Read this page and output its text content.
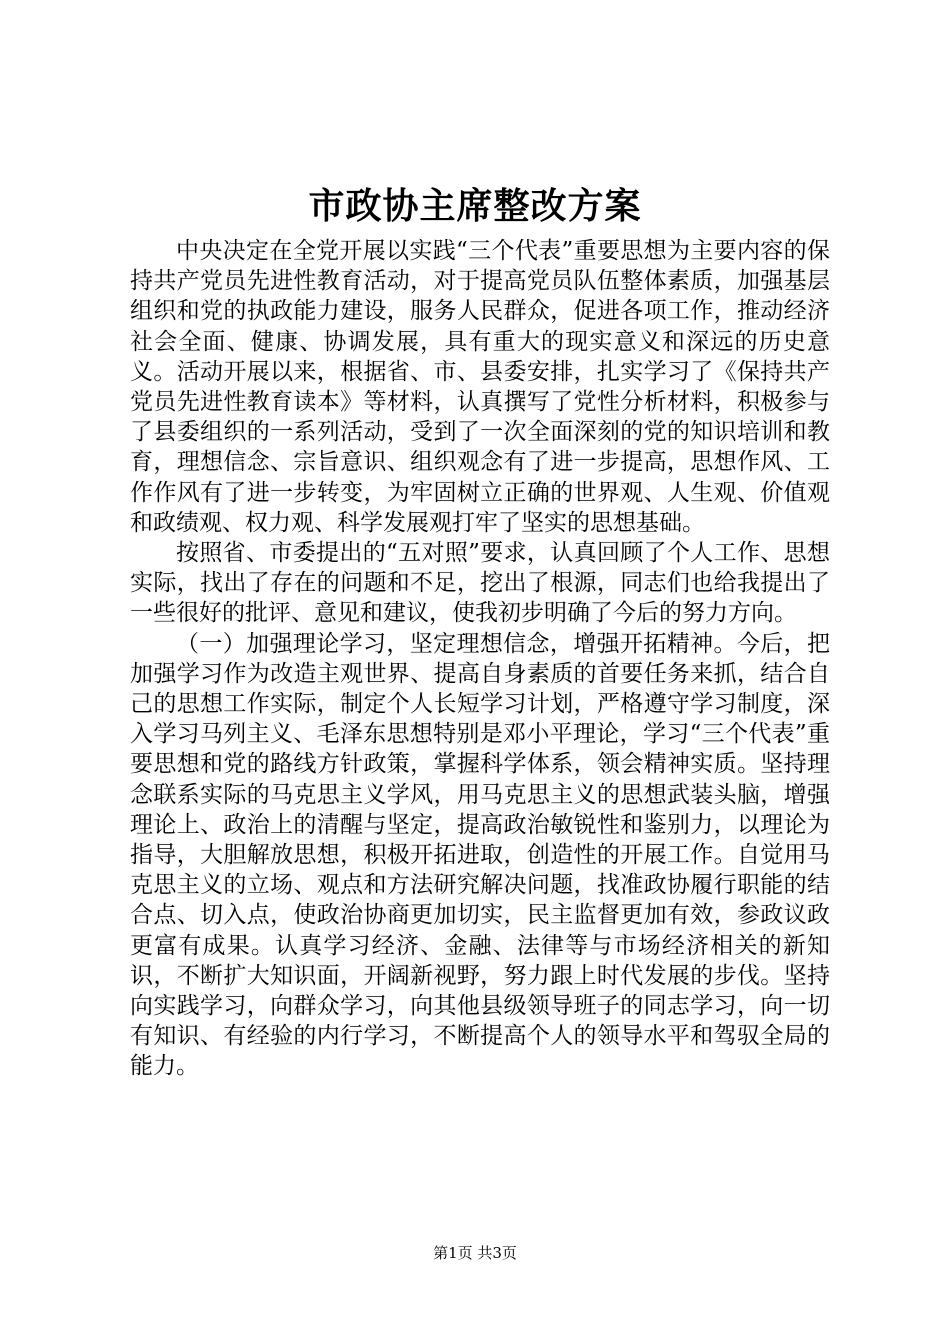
市政协主席整改方案

中央决定在全党开展以实践“三个代表”重要思想为主要内容的保持共产党员先进性教育活动，对于提高党员队伍整体素质，加强基层组织和党的执政能力建设，服务人民群众，促进各项工作，推动经济社会全面、健康、协调发展，具有重大的现实意义和深远的历史意义。活动开展以来，根据省、市、县委安排，扎实学习了《保持共产党员先进性教育读本》等材料，认真撰写了党性分析材料，积极参与了县委组织的一系列活动，受到了一次全面深刻的党的知识培训和教育，理想信念、宗旨意识、组织观念有了进一步提高，思想作风、工作作风有了进一步转变，为牢固树立正确的世界观、人生观、价值观和政绩观、权力观、科学发展观打牢了坚实的思想基础。

按照省、市委提出的“五对照”要求，认真回顾了个人工作、思想实际，找出了存在的问题和不足，挖出了根源，同志们也给我提出了一些很好的批评、意见和建议，使我初步明确了今后的努力方向。

（一）加强理论学习，坚定理想信念，增强开拓精神。今后，把加强学习作为改造主观世界、提高自身素质的首要任务来抓，结合自己的思想工作实际，制定个人长短学习计划，严格遵守学习制度，深入学习马列主义、毛泽东思想特别是邓小平理论，学习“三个代表”重要思想和党的路线方针政策，掌握科学体系，领会精神实质。坚持理念联系实际的马克思主义学风，用马克思主义的思想武装头脑，增强理论上、政治上的清醒与坚定，提高政治敏锐性和鉴别力，以理论为指导，大胆解放思想，积极开拓进取，创造性的开展工作。自觉用马克思主义的立场、观点和方法研究解决问题，找准政协履行职能的结合点、切入点，使政治协商更加切实，民主监督更加有效，参政议政更富有成果。认真学习经济、金融、法律等与市场经济相关的新知识，不断扩大知识面，开阔新视野，努力跟上时代发展的步伐。坚持向实践学习，向群众学习，向其他县级领导班子的同志学习，向一切有知识、有经验的内行学习，不断提高个人的领导水平和驾驭全局的能力。

第1页 共3页
